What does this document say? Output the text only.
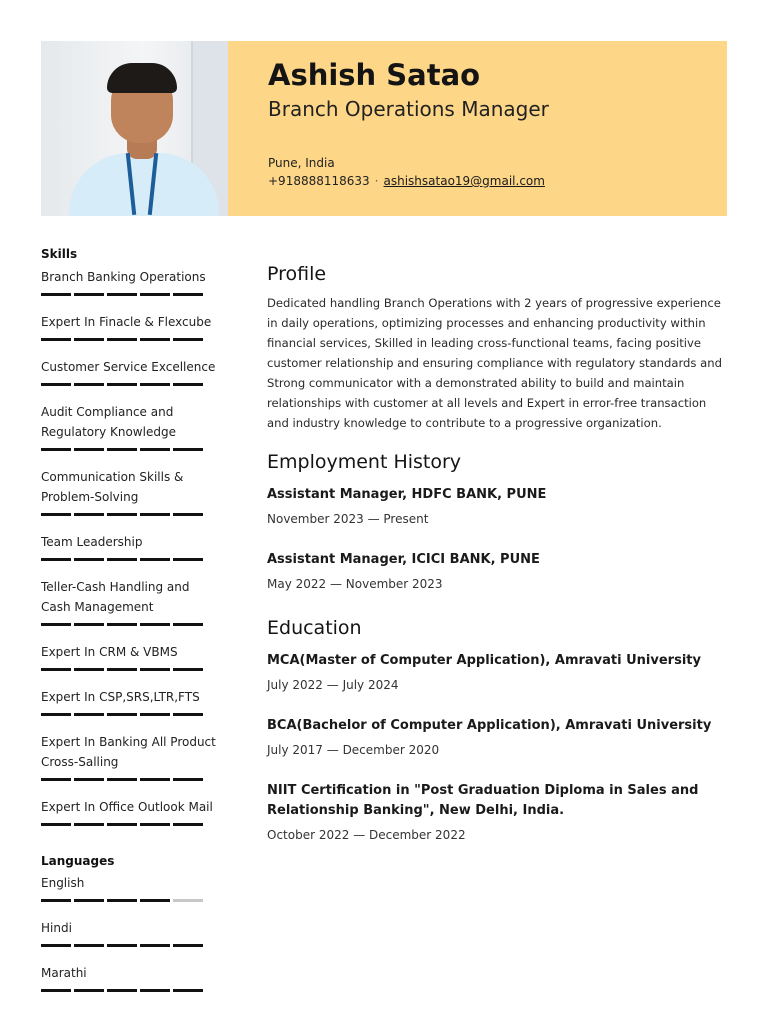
Ashish Satao
Branch Operations Manager
Pune, India
+918888118633 · ashishsatao19@gmail.com
Skills
Branch Banking Operations
Expert In Finacle & Flexcube
Customer Service Excellence
Audit Compliance and Regulatory Knowledge
Communication Skills & Problem-Solving
Team Leadership
Teller-Cash Handling and Cash Management
Expert In CRM & VBMS
Expert In CSP,SRS,LTR,FTS
Expert In Banking All Product Cross-Salling
Expert In Office Outlook Mail
Languages
English
Hindi
Marathi
Profile
Dedicated handling Branch Operations with 2 years of progressive experience in daily operations, optimizing processes and enhancing productivity within financial services, Skilled in leading cross-functional teams, facing positive customer relationship and ensuring compliance with regulatory standards and Strong communicator with a demonstrated ability to build and maintain relationships with customer at all levels and Expert in error-free transaction and industry knowledge to contribute to a progressive organization.
Employment History
Assistant Manager, HDFC BANK, PUNE
November 2023 — Present
Assistant Manager, ICICI BANK, PUNE
May 2022 — November 2023
Education
MCA(Master of Computer Application), Amravati University
July 2022 — July 2024
BCA(Bachelor of Computer Application), Amravati University
July 2017 — December 2020
NIIT Certification in "Post Graduation Diploma in Sales and Relationship Banking", New Delhi, India.
October 2022 — December 2022
